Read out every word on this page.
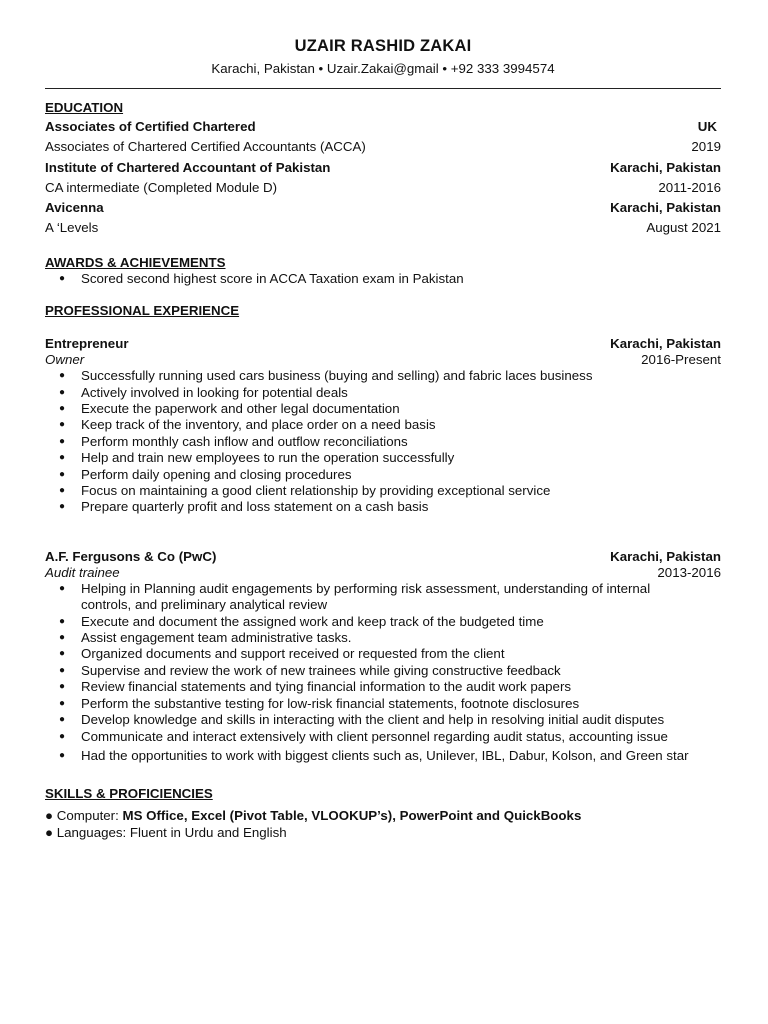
UZAIR RASHID ZAKAI
Karachi, Pakistan • Uzair.Zakai@gmail • +92 333 3994574
EDUCATION
Associates of Certified Chartered	UK
Associates of Chartered Certified Accountants (ACCA)	2019
Institute of Chartered Accountant of Pakistan	Karachi, Pakistan
CA intermediate (Completed Module D)	2011-2016
Avicenna	Karachi, Pakistan
A ‘Levels	August 2021
AWARDS & ACHIEVEMENTS
● Scored second highest score in ACCA Taxation exam in Pakistan
PROFESSIONAL EXPERIENCE
Entrepreneur	Karachi, Pakistan
Owner	2016-Present
● Successfully running used cars business (buying and selling) and fabric laces business
● Actively involved in looking for potential deals
● Execute the paperwork and other legal documentation
● Keep track of the inventory, and place order on a need basis
● Perform monthly cash inflow and outflow reconciliations
● Help and train new employees to run the operation successfully
● Perform daily opening and closing procedures
● Focus on maintaining a good client relationship by providing exceptional service
● Prepare quarterly profit and loss statement on a cash basis
A.F. Fergusons & Co (PwC)	Karachi, Pakistan
Audit trainee	2013-2016
● Helping in Planning audit engagements by performing risk assessment, understanding of internal controls, and preliminary analytical review
● Execute and document the assigned work and keep track of the budgeted time
● Assist engagement team administrative tasks.
● Organized documents and support received or requested from the client
● Supervise and review the work of new trainees while giving constructive feedback
● Review financial statements and tying financial information to the audit work papers
● Perform the substantive testing for low-risk financial statements, footnote disclosures
● Develop knowledge and skills in interacting with the client and help in resolving initial audit disputes
● Communicate and interact extensively with client personnel regarding audit status, accounting issue
● Had the opportunities to work with biggest clients such as, Unilever, IBL, Dabur, Kolson, and Green star
SKILLS & PROFICIENCIES
● Computer: MS Office, Excel (Pivot Table, VLOOKUP’s), PowerPoint and QuickBooks
● Languages: Fluent in Urdu and English
